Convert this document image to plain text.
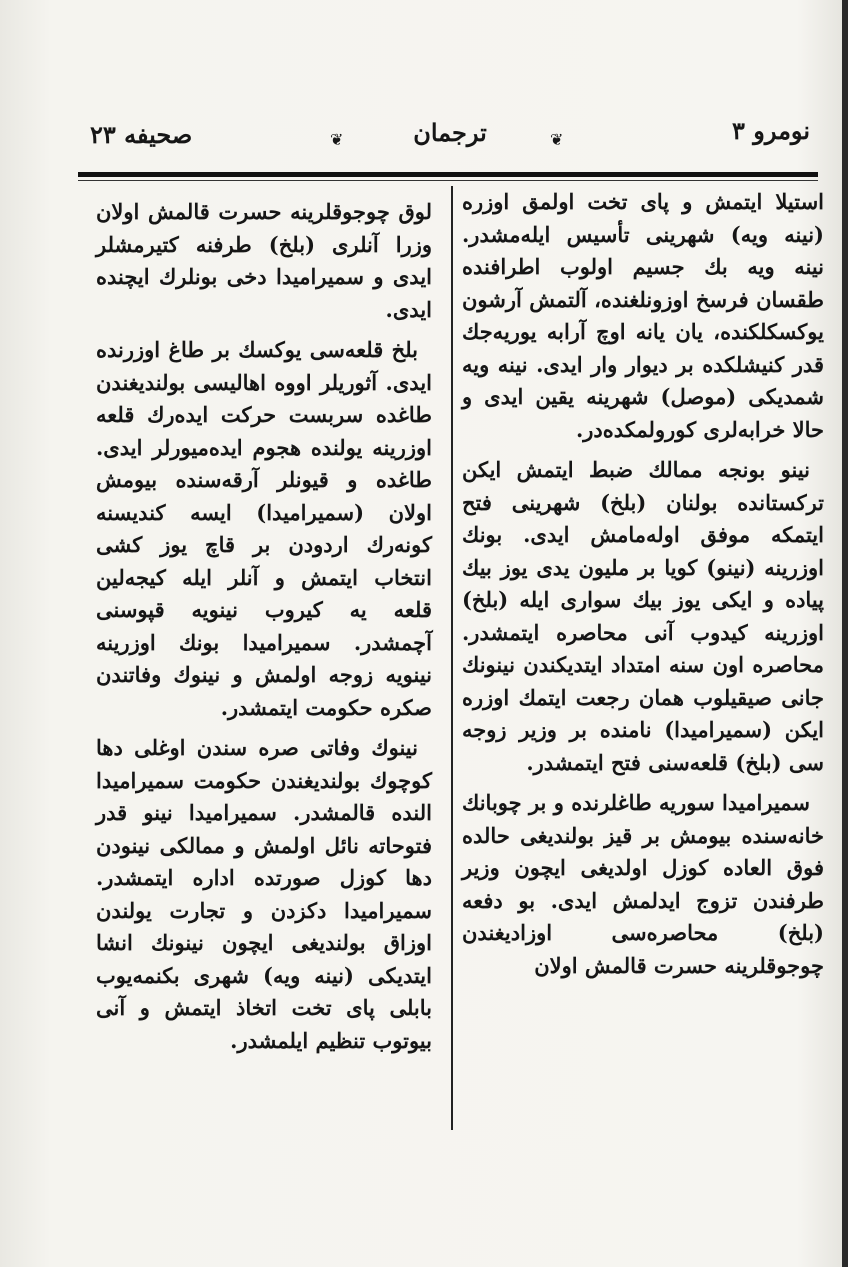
نومرو ٣
❦
ترجمان
❦
صحيفه ٢٣

استيلا ايتمش و پاى تخت اولمق اوزره (نينه ويه) شهرينى تأسيس ايلەمشدر. نينه ويه بك جسيم اولوب اطرافنده طقسان فرسخ اوزونلغنده، آلتمش آرشون يوكسكلكنده، يان يانه اوچ آرابه يوريەجك قدر كنيشلكده بر ديوار وار ايدى. نينه ويه شمديكى (موصل) شهرينه يقين ايدى و حالا خرابەلرى كورولمكده‌در.

نينو بونجه ممالك ضبط ايتمش ايكن تركستانده بولنان (بلخ) شهرينى فتح ايتمكه موفق اولەمامش ايدى. بونك اوزرينه (نينو) كويا بر مليون يدى يوز بيك پياده و ايكى يوز بيك سوارى ايله (بلخ) اوزرينه كيدوب آنى محاصره ايتمشدر. محاصره اون سنه امتداد ايتديكندن نينونك جانى صيقيلوب همان رجعت ايتمك اوزره ايكن (سميراميدا) نامنده بر وزير زوجه سى (بلخ) قلعەسنى فتح ايتمشدر.

سميراميدا سوريه طاغلرنده و بر چوبانك خانەسنده بيومش بر قيز بولنديغى حالده فوق العاده كوزل اولديغى ايچون وزير طرفندن تزوج ايدلمش ايدى. بو دفعه (بلخ) محاصرەسى اوزاديغندن چوجوقلرينه حسرت قالمش اولان

لوق چوجوقلرينه حسرت قالمش اولان وزرا آنلرى (بلخ) طرفنه كتيرمشلر ايدى و سميراميدا دخى بونلرك ايچنده ايدى.

بلخ قلعەسى يوكسك بر طاغ اوزرنده ايدى. آثوريلر اووه اهاليسى بولنديغندن طاغده سربست حركت ايدەرك قلعه اوزرينه يولنده هجوم ايدەميورلر ايدى. طاغده و قيونلر آرقەسنده بيومش اولان (سميراميدا) ايسه كنديسنه كونەرك اردودن بر قاچ يوز كشى انتخاب ايتمش و آنلر ايله كيجەلين قلعه يه كيروب نينويه قپوسنى آچمشدر. سميراميدا بونك اوزرينه نينويه زوجه اولمش و نينوك وفاتندن صكره حكومت ايتمشدر.

نينوك وفاتى صره سندن اوغلى دها كوچوك بولنديغندن حكومت سميراميدا النده قالمشدر. سميراميدا نينو قدر فتوحاته نائل اولمش و ممالكى نينودن دها كوزل صورتده اداره ايتمشدر. سميراميدا دكزدن و تجارت يولندن اوزاق بولنديغى ايچون نينونك انشا ايتديكى (نينه ويه) شهرى بكنمەيوب بابلى پاى تخت اتخاذ ايتمش و آنى بيوتوب تنظيم ايلمشدر.
